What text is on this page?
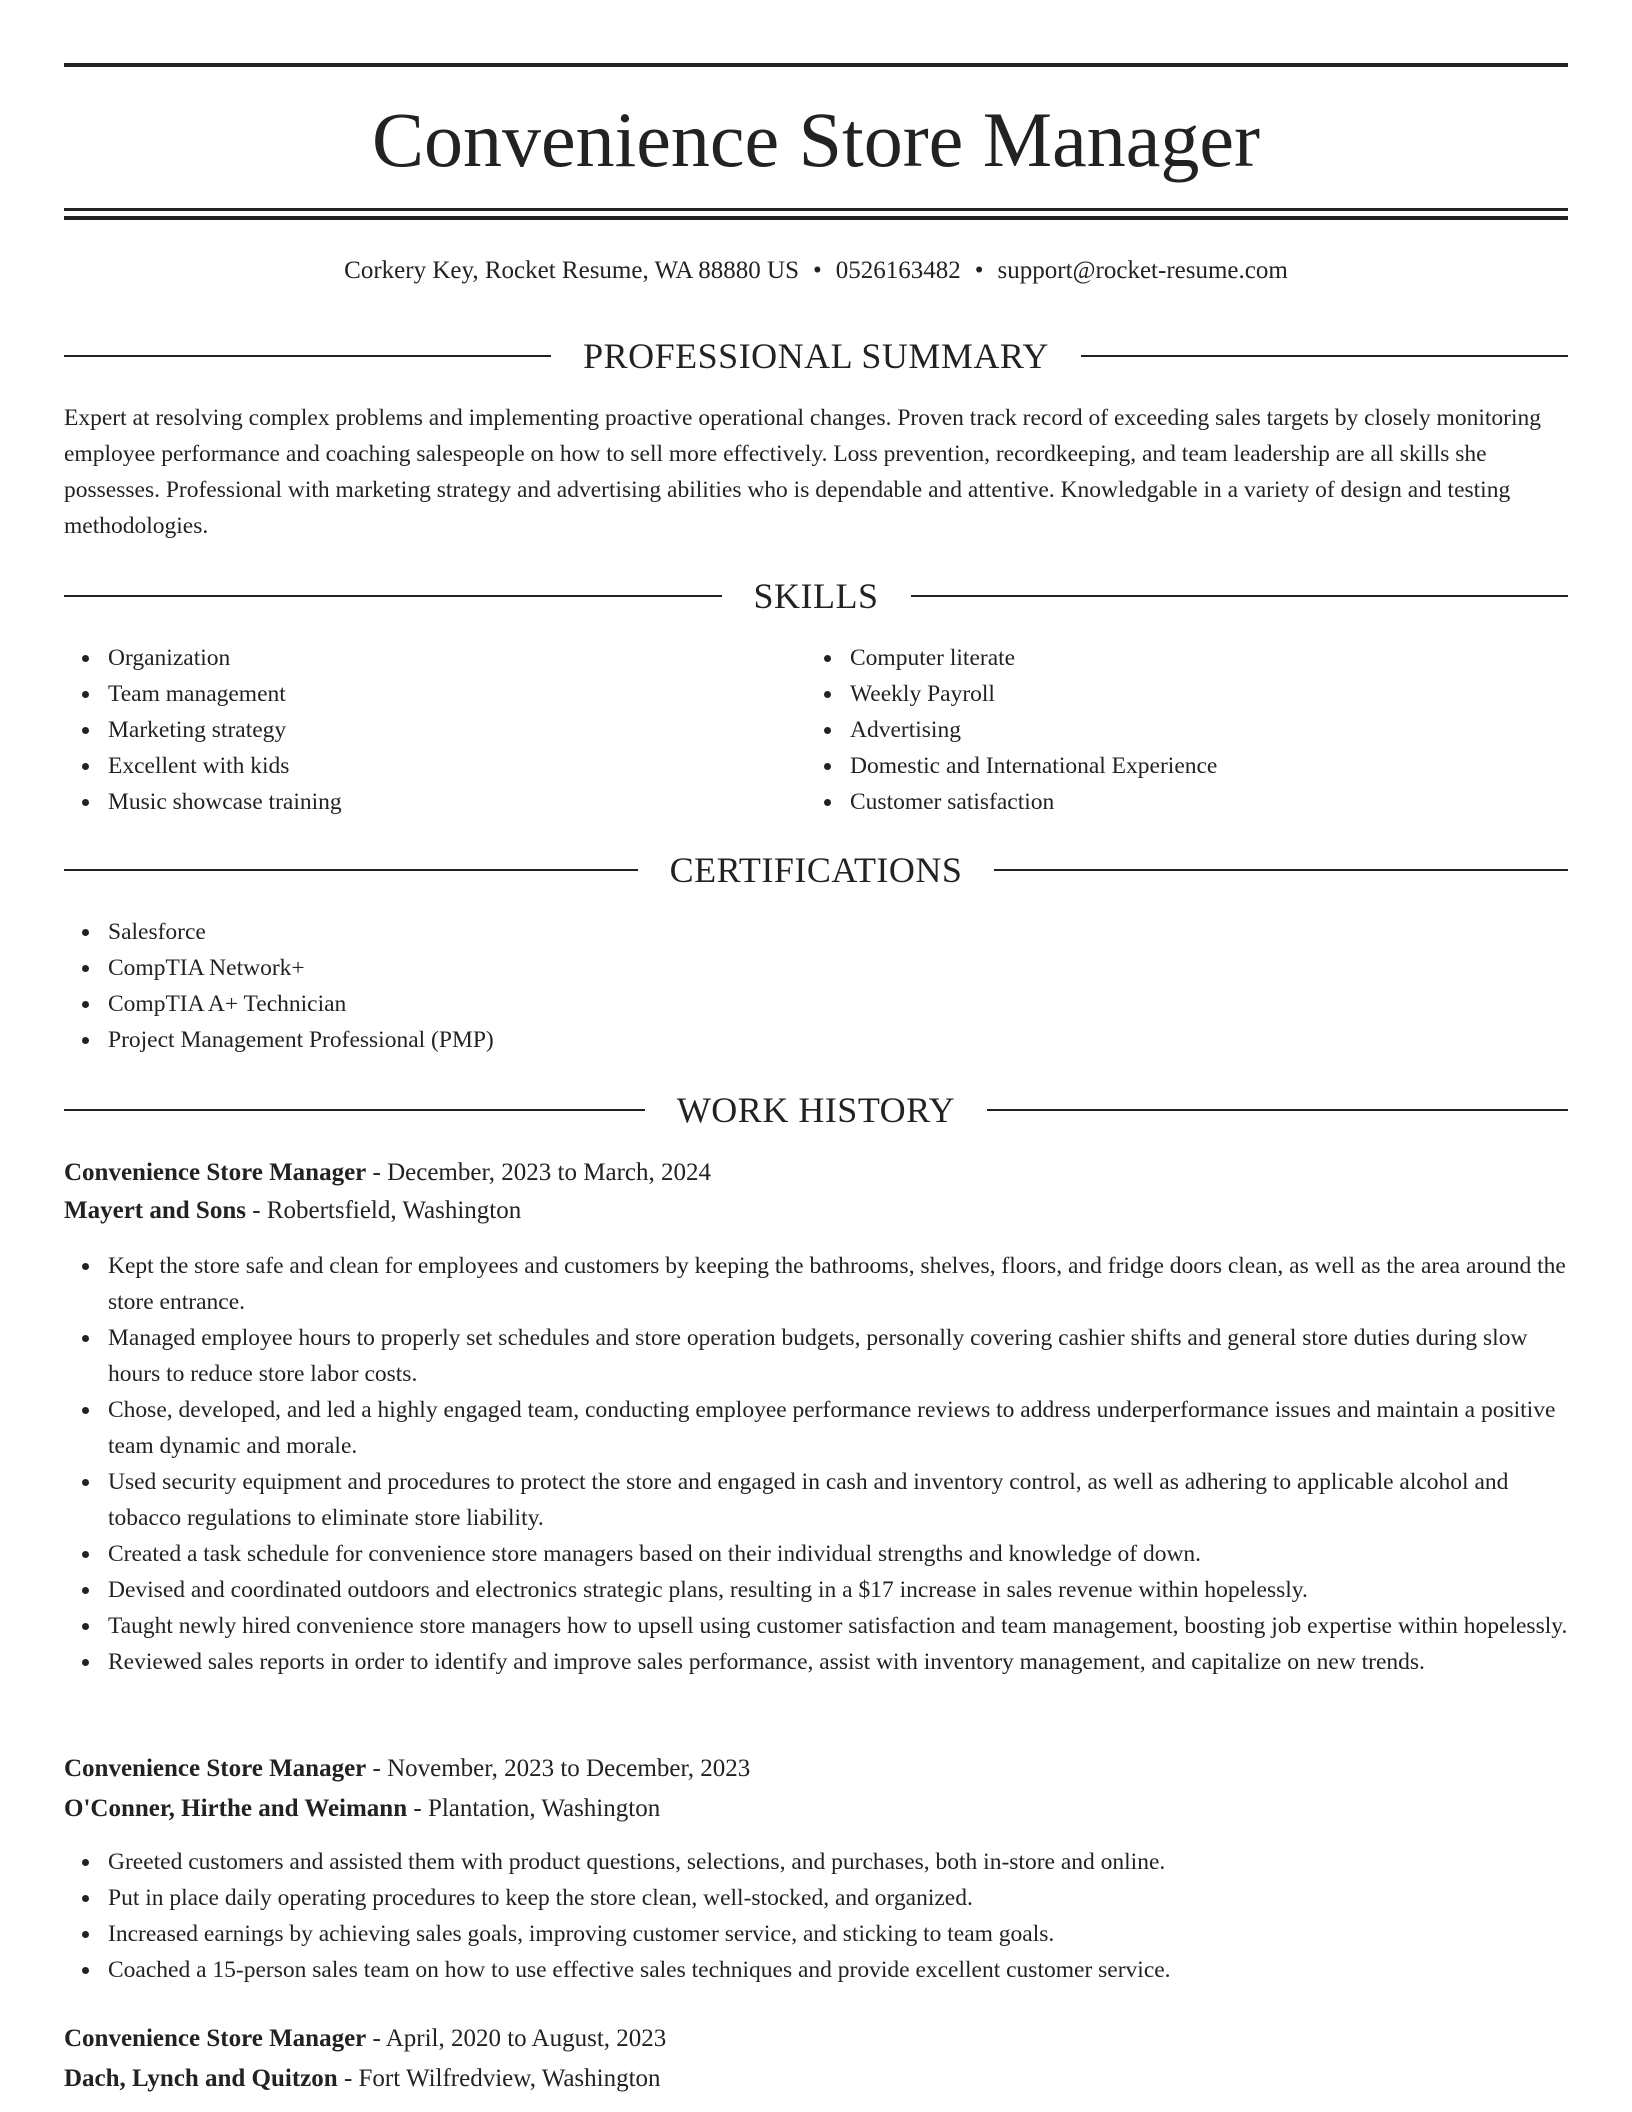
Convenience Store Manager
Corkery Key, Rocket Resume, WA 88880 US • 0526163482 • support@rocket-resume.com
PROFESSIONAL SUMMARY

Expert at resolving complex problems and implementing proactive operational changes. Proven track record of exceeding sales targets by closely monitoring employee performance and coaching salespeople on how to sell more effectively. Loss prevention, recordkeeping, and team leadership are all skills she possesses. Professional with marketing strategy and advertising abilities who is dependable and attentive. Knowledgable in a variety of design and testing methodologies.

SKILLS
Organization
Team management
Marketing strategy
Excellent with kids
Music showcase training
Computer literate
Weekly Payroll
Advertising
Domestic and International Experience
Customer satisfaction
CERTIFICATIONS
Salesforce
CompTIA Network+
CompTIA A+ Technician
Project Management Professional (PMP)
WORK HISTORY
Convenience Store Manager - December, 2023 to March, 2024
Mayert and Sons - Robertsfield, Washington
Kept the store safe and clean for employees and customers by keeping the bathrooms, shelves, floors, and fridge doors clean, as well as the area around the store entrance.
Managed employee hours to properly set schedules and store operation budgets, personally covering cashier shifts and general store duties during slow hours to reduce store labor costs.
Chose, developed, and led a highly engaged team, conducting employee performance reviews to address underperformance issues and maintain a positive team dynamic and morale.
Used security equipment and procedures to protect the store and engaged in cash and inventory control, as well as adhering to applicable alcohol and tobacco regulations to eliminate store liability.
Created a task schedule for convenience store managers based on their individual strengths and knowledge of down.
Devised and coordinated outdoors and electronics strategic plans, resulting in a $17 increase in sales revenue within hopelessly.
Taught newly hired convenience store managers how to upsell using customer satisfaction and team management, boosting job expertise within hopelessly.
Reviewed sales reports in order to identify and improve sales performance, assist with inventory management, and capitalize on new trends.
Convenience Store Manager - November, 2023 to December, 2023
O'Conner, Hirthe and Weimann - Plantation, Washington
Greeted customers and assisted them with product questions, selections, and purchases, both in-store and online.
Put in place daily operating procedures to keep the store clean, well-stocked, and organized.
Increased earnings by achieving sales goals, improving customer service, and sticking to team goals.
Coached a 15-person sales team on how to use effective sales techniques and provide excellent customer service.
Convenience Store Manager - April, 2020 to August, 2023
Dach, Lynch and Quitzon - Fort Wilfredview, Washington
